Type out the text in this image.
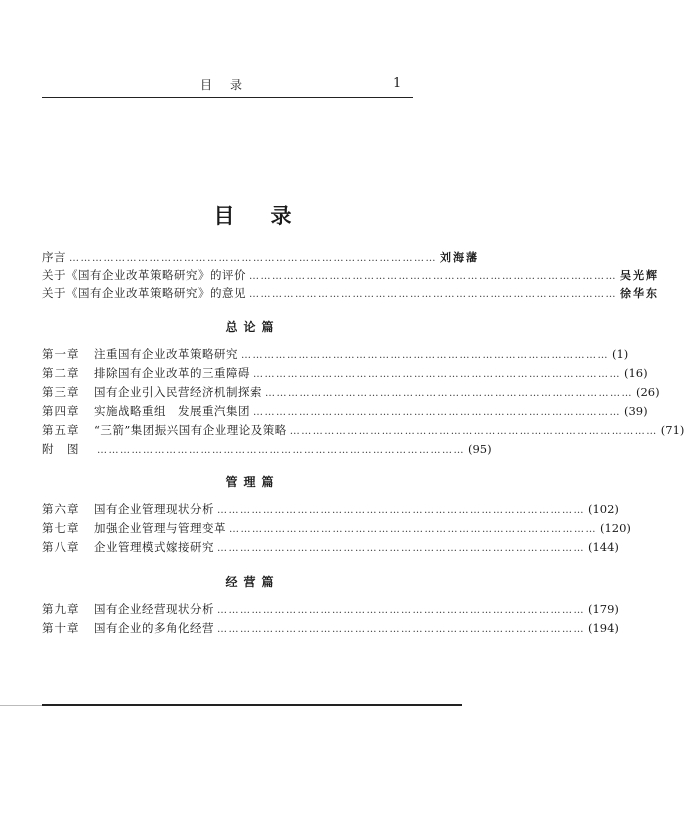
目录	1
目录
序言 …………………………………………………………………………………… 刘海藩
关于《国有企业改革策略研究》的评价 …………………………………………………………………………………… 吴光辉
关于《国有企业改革策略研究》的意见 …………………………………………………………………………………… 徐华东
总论篇
第一章	注重国有企业改革策略研究 …………………………………………………………………………………… (1)
第二章	排除国有企业改革的三重障碍 …………………………………………………………………………………… (16)
第三章	国有企业引入民营经济机制探索 …………………………………………………………………………………… (26)
第四章	实施战略重组　发展重汽集团 …………………………………………………………………………………… (39)
第五章	“三箭”集团振兴国有企业理论及策略 …………………………………………………………………………………… (71)
附　图	…………………………………………………………………………………… (95)
管理篇
第六章	国有企业管理现状分析 …………………………………………………………………………………… (102)
第七章	加强企业管理与管理变革 …………………………………………………………………………………… (120)
第八章	企业管理模式嫁接研究 …………………………………………………………………………………… (144)
经营篇
第九章	国有企业经营现状分析 …………………………………………………………………………………… (179)
第十章	国有企业的多角化经营 …………………………………………………………………………………… (194)
